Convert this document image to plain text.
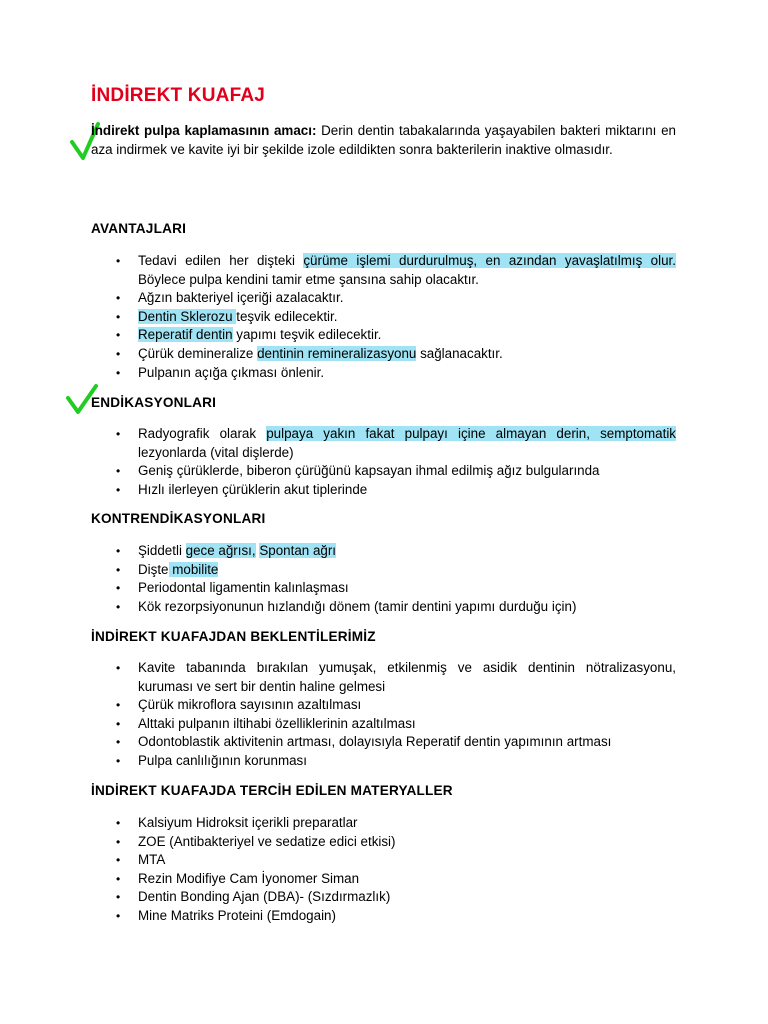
İNDİREKT KUAFAJ

İndirekt pulpa kaplamasının amacı: Derin dentin tabakalarında yaşayabilen bakteri miktarını en aza indirmek ve kavite iyi bir şekilde izole edildikten sonra bakterilerin inaktive olmasıdır.

AVANTAJLARI
• Tedavi edilen her dişteki çürüme işlemi durdurulmuş, en azından yavaşlatılmış olur. Böylece pulpa kendini tamir etme şansına sahip olacaktır.
• Ağzın bakteriyel içeriği azalacaktır.
• Dentin Sklerozu teşvik edilecektir.
• Reperatif dentin yapımı teşvik edilecektir.
• Çürük demineralize dentinin remineralizasyonu sağlanacaktır.
• Pulpanın açığa çıkması önlenir.
ENDİKASYONLARI
• Radyografik olarak pulpaya yakın fakat pulpayı içine almayan derin, semptomatik lezyonlarda (vital dişlerde)
• Geniş çürüklerde, biberon çürüğünü kapsayan ihmal edilmiş ağız bulgularında
• Hızlı ilerleyen çürüklerin akut tiplerinde
KONTRENDİKASYONLARI
• Şiddetli gece ağrısı, Spontan ağrı
• Dişte mobilite
• Periodontal ligamentin kalınlaşması
• Kök rezorpsiyonunun hızlandığı dönem (tamir dentini yapımı durduğu için)
İNDİREKT KUAFAJDAN BEKLENTİLERİMİZ
• Kavite tabanında bırakılan yumuşak, etkilenmiş ve asidik dentinin nötralizasyonu, kuruması ve sert bir dentin haline gelmesi
• Çürük mikroflora sayısının azaltılması
• Alttaki pulpanın iltihabi özelliklerinin azaltılması
• Odontoblastik aktivitenin artması, dolayısıyla Reperatif dentin yapımının artması
• Pulpa canlılığının korunması
İNDİREKT KUAFAJDA TERCİH EDİLEN MATERYALLER
• Kalsiyum Hidroksit içerikli preparatlar
• ZOE (Antibakteriyel ve sedatize edici etkisi)
• MTA
• Rezin Modifiye Cam İyonomer Siman
• Dentin Bonding Ajan (DBA)- (Sızdırmazlık)
• Mine Matriks Proteini (Emdogain)
